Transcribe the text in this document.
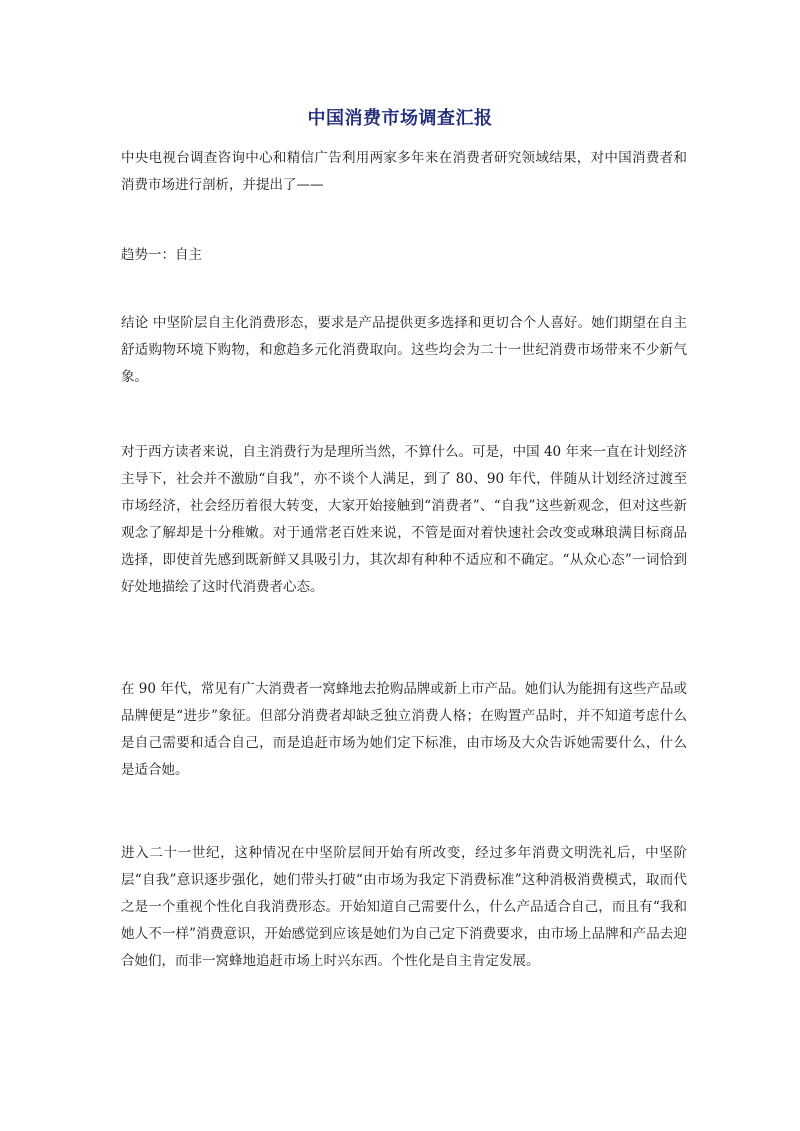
中国消费市场调查汇报

中央电视台调查咨询中心和精信广告利用两家多年来在消费者研究领域结果，对中国消费者和消费市场进行剖析，并提出了——

趋势一：自主

结论 中坚阶层自主化消费形态，要求是产品提供更多选择和更切合个人喜好。她们期望在自主舒适购物环境下购物，和愈趋多元化消费取向。这些均会为二十一世纪消费市场带来不少新气象。

对于西方读者来说，自主消费行为是理所当然，不算什么。可是，中国 40 年来一直在计划经济主导下，社会并不激励“自我”，亦不谈个人满足，到了 80、90 年代，伴随从计划经济过渡至市场经济，社会经历着很大转变，大家开始接触到“消费者”、“自我”这些新观念，但对这些新观念了解却是十分稚嫩。对于通常老百姓来说，不管是面对着快速社会改变或琳琅满目标商品选择，即使首先感到既新鲜又具吸引力，其次却有种种不适应和不确定。“从众心态”一词恰到好处地描绘了这时代消费者心态。

在 90 年代，常见有广大消费者一窝蜂地去抢购品牌或新上市产品。她们认为能拥有这些产品或品牌便是“进步”象征。但部分消费者却缺乏独立消费人格；在购置产品时，并不知道考虑什么是自己需要和适合自己，而是追赶市场为她们定下标准，由市场及大众告诉她需要什么，什么是适合她。

进入二十一世纪，这种情况在中坚阶层间开始有所改变，经过多年消费文明洗礼后，中坚阶层“自我”意识逐步强化，她们带头打破“由市场为我定下消费标准”这种消极消费模式，取而代之是一个重视个性化自我消费形态。开始知道自己需要什么，什么产品适合自己，而且有“我和她人不一样”消费意识，开始感觉到应该是她们为自己定下消费要求，由市场上品牌和产品去迎合她们，而非一窝蜂地追赶市场上时兴东西。个性化是自主肯定发展。
